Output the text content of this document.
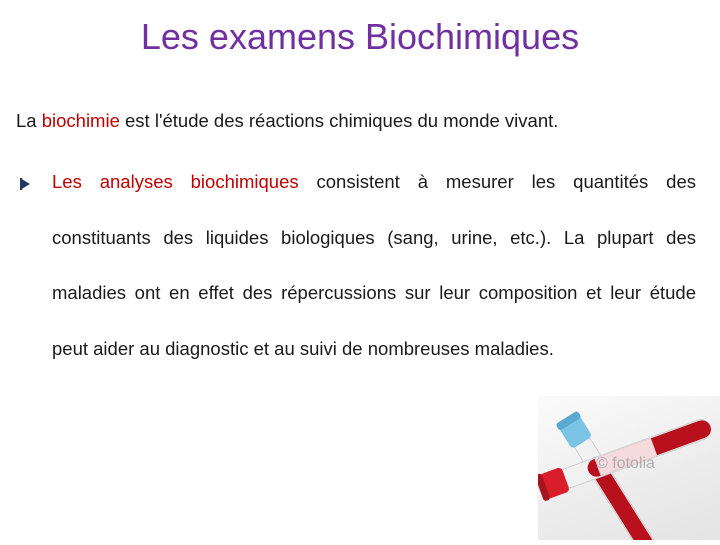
Les examens Biochimiques
La biochimie est l'étude des réactions chimiques du monde vivant.
Les analyses biochimiques consistent à mesurer les quantités des constituants des liquides biologiques (sang, urine, etc.). La plupart des maladies ont en effet des répercussions sur leur composition et leur étude peut aider au diagnostic et au suivi de nombreuses maladies.
© fotolia
